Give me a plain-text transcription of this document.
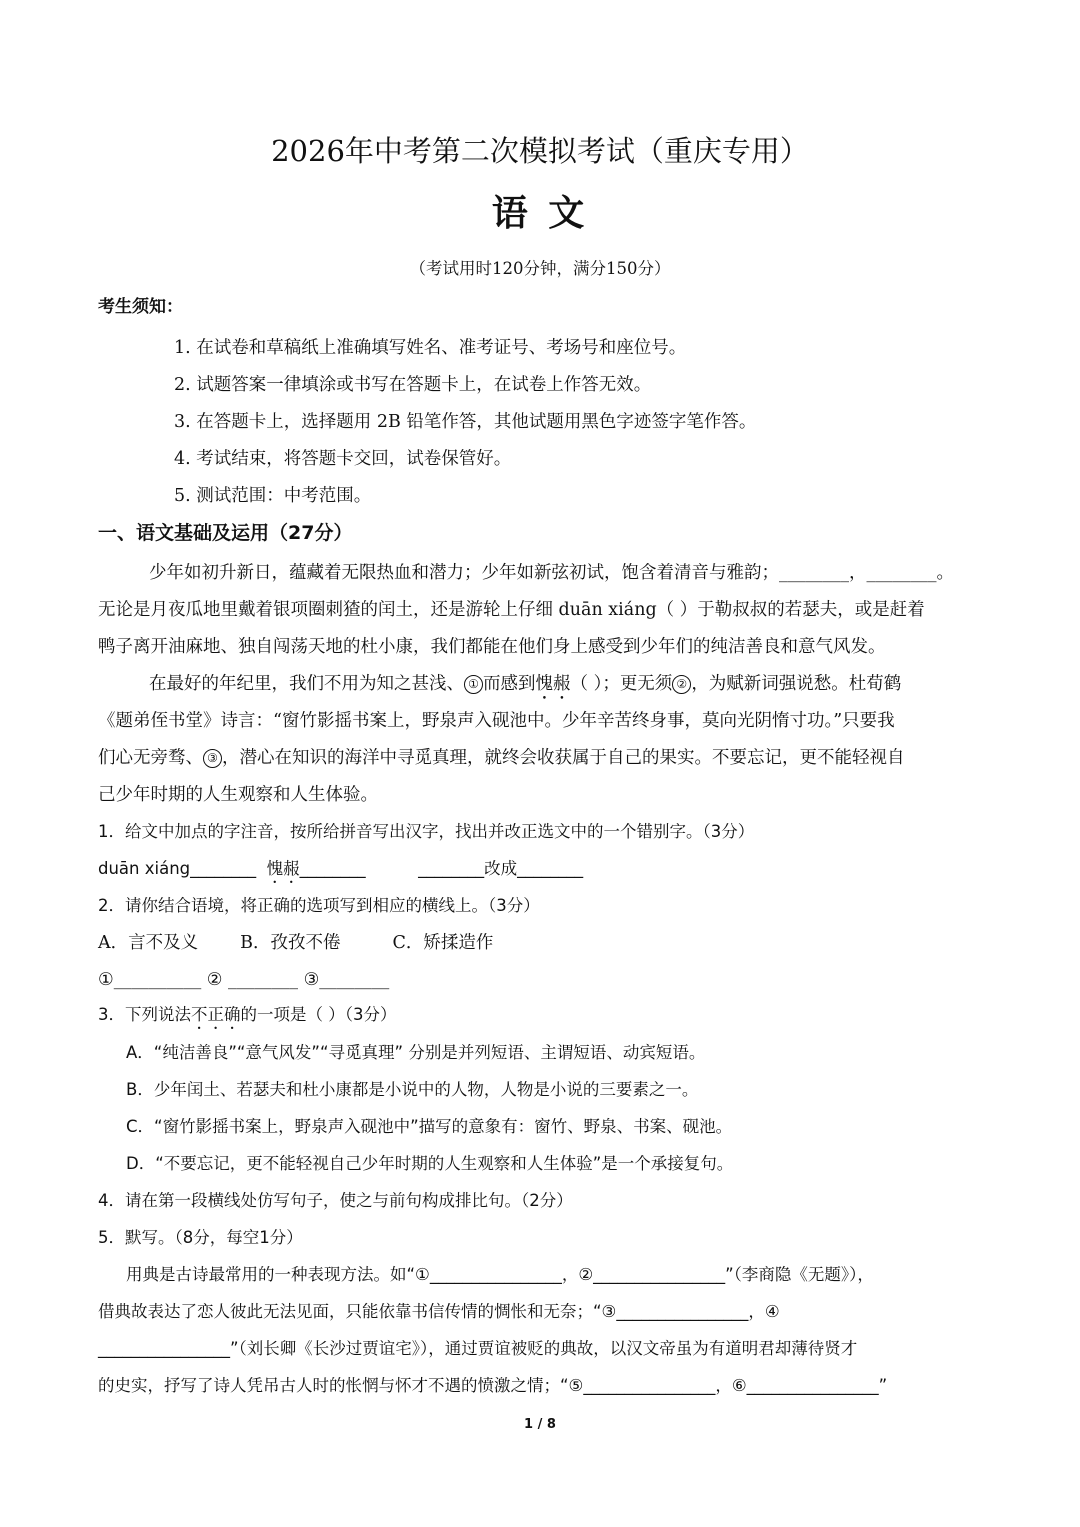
2026年中考第二次模拟考试（重庆专用）
语 文
（考试用时120分钟，满分150分）
考生须知：
1. 在试卷和草稿纸上准确填写姓名、准考证号、考场号和座位号。
2. 试题答案一律填涂或书写在答题卡上，在试卷上作答无效。
3. 在答题卡上，选择题用 2B 铅笔作答，其他试题用黑色字迹签字笔作答。
4. 考试结束，将答题卡交回，试卷保管好。
5. 测试范围：中考范围。
一、语文基础及运用（27分）
少年如初升新日，蕴藏着无限热血和潜力；少年如新弦初试，饱含着清音与雅韵；________，________。
无论是月夜瓜地里戴着银项圈刺猹的闰土，还是游轮上仔细 duān xiáng（ ）于勒叔叔的若瑟夫，或是赶着
鸭子离开油麻地、独自闯荡天地的杜小康，我们都能在他们身上感受到少年们的纯洁善良和意气风发。
在最好的年纪里，我们不用为知之甚浅、 ① 而感到愧赧（ ）；更无须 ② ，为赋新词强说愁。杜荀鹤
《题弟侄书堂》诗言：“窗竹影摇书案上，野泉声入砚池中。少年辛苦终身事，莫向光阴惰寸功。”只要我
们心无旁骛、 ③ ，潜心在知识的海洋中寻觅真理，就终会收获属于自己的果实。不要忘记，更不能轻视自
己少年时期的人生观察和人生体验。
1．给文中加点的字注音，按所给拼音写出汉字，找出并改正选文中的一个错别字。（3分）
duān xiáng________ 愧赧________	________改成________
2．请你结合语境，将正确的选项写到相应的横线上。（3分）
A．言不及义 B．孜孜不倦	C．矫揉造作
①__________ ② ________ ③________
3．下列说法不正确的一项是（ ）（3分）
A．“纯洁善良”“意气风发”“寻觅真理” 分别是并列短语、主谓短语、动宾短语。
B．少年闰土、若瑟夫和杜小康都是小说中的人物，人物是小说的三要素之一。
C．“窗竹影摇书案上，野泉声入砚池中”描写的意象有：窗竹、野泉、书案、砚池。
D．“不要忘记，更不能轻视自己少年时期的人生观察和人生体验”是一个承接复句。
4．请在第一段横线处仿写句子，使之与前句构成排比句。（2分）
5．默写。（8分，每空1分）
用典是古诗最常用的一种表现方法。如“①________________，②________________”（李商隐《无题》），
借典故表达了恋人彼此无法见面，只能依靠书信传情的惆怅和无奈；“③________________，④
________________”（刘长卿《长沙过贾谊宅》），通过贾谊被贬的典故，以汉文帝虽为有道明君却薄待贤才
的史实，抒写了诗人凭吊古人时的怅惘与怀才不遇的愤激之情；“⑤________________，⑥________________”
1 / 8
